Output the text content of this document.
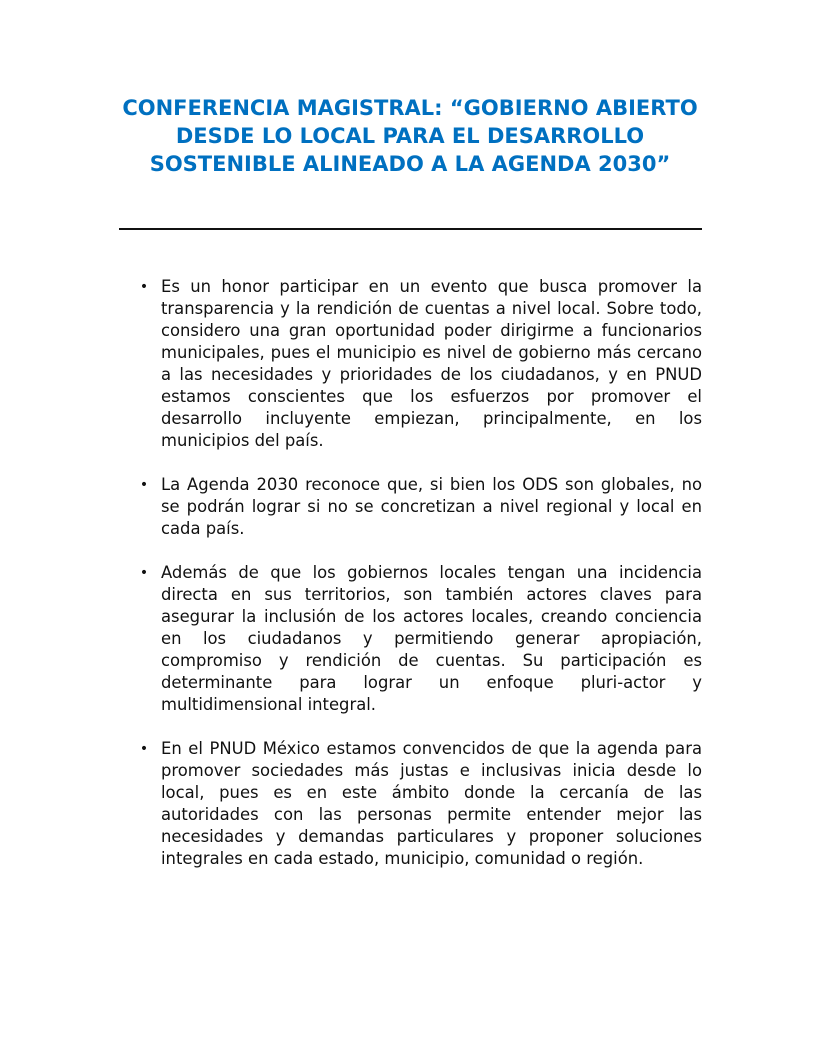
CONFERENCIA MAGISTRAL: “GOBIERNO ABIERTO DESDE LO LOCAL PARA EL DESARROLLO SOSTENIBLE ALINEADO A LA AGENDA 2030”
• Es un honor participar en un evento que busca promover la transparencia y la rendición de cuentas a nivel local. Sobre todo, considero una gran oportunidad poder dirigirme a funcionarios municipales, pues el municipio es nivel de gobierno más cercano a las necesidades y prioridades de los ciudadanos, y en PNUD estamos conscientes que los esfuerzos por promover el desarrollo incluyente empiezan, principalmente, en los municipios del país.
• La Agenda 2030 reconoce que, si bien los ODS son globales, no se podrán lograr si no se concretizan a nivel regional y local en cada país.
• Además de que los gobiernos locales tengan una incidencia directa en sus territorios, son también actores claves para asegurar la inclusión de los actores locales, creando conciencia en los ciudadanos y permitiendo generar apropiación, compromiso y rendición de cuentas. Su participación es determinante para lograr un enfoque pluri-actor y multidimensional integral.
• En el PNUD México estamos convencidos de que la agenda para promover sociedades más justas e inclusivas inicia desde lo local, pues es en este ámbito donde la cercanía de las autoridades con las personas permite entender mejor las necesidades y demandas particulares y proponer soluciones integrales en cada estado, municipio, comunidad o región.
